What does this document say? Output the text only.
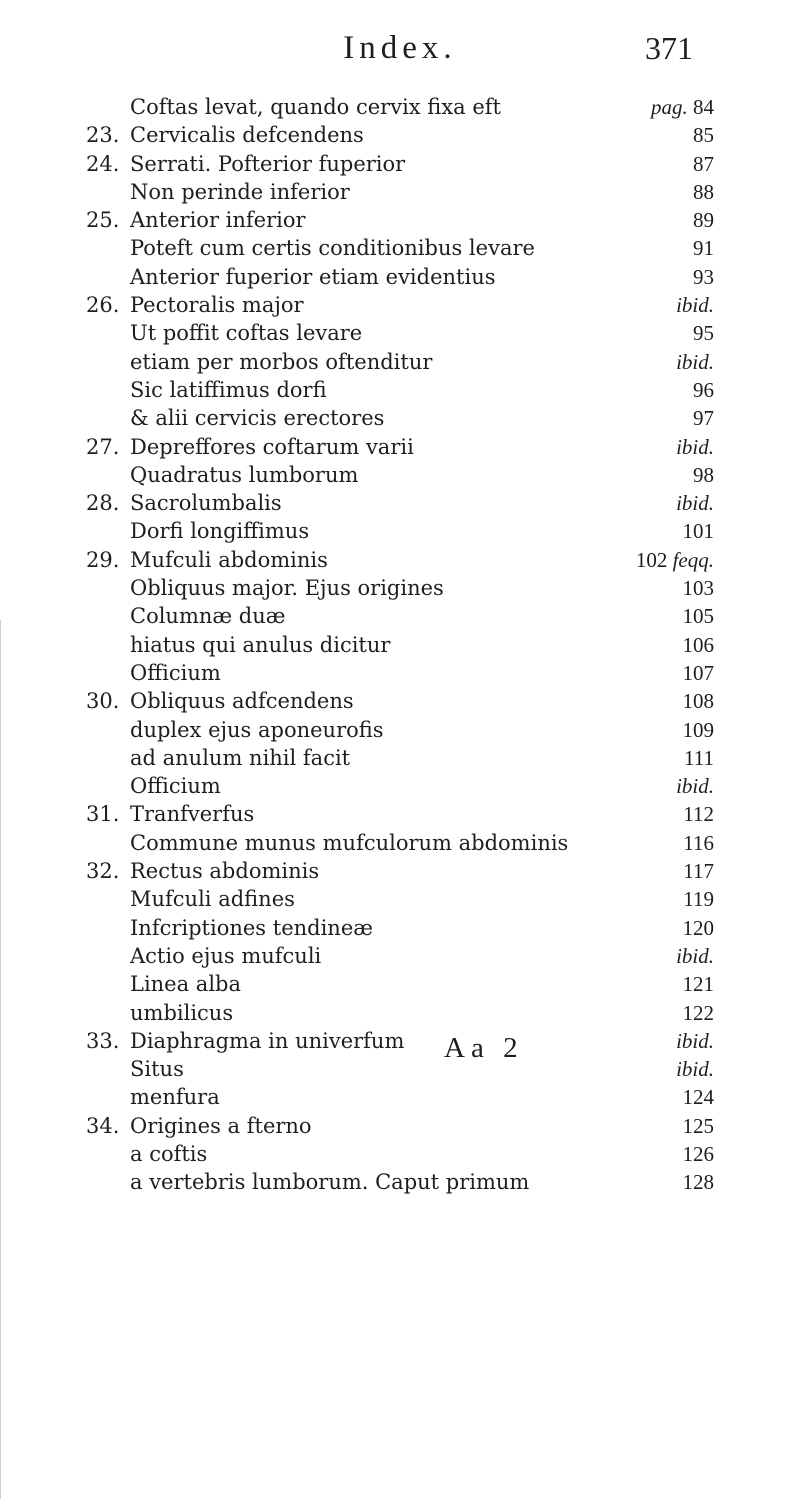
Index.	371
Coftas levat, quando cervix fixa eft	pag. 84
23. Cervicalis defcendens	85
24. Serrati. Pofterior fuperior	87
Non perinde inferior	88
25. Anterior inferior	89
Poteft cum certis conditionibus levare	91
Anterior fuperior etiam evidentius	93
26. Pectoralis major	ibid.
Ut poffit coftas levare	95
etiam per morbos oftenditur	ibid.
Sic latiffimus dorfi	96
& alii cervicis erectores	97
27. Depreffores coftarum varii	ibid.
Quadratus lumborum	98
28. Sacrolumbalis	ibid.
Dorfi longiffimus	101
29. Mufculi abdominis	102 feqq.
Obliquus major. Ejus origines	103
Columnæ duæ	105
hiatus qui anulus dicitur	106
Officium	107
30. Obliquus adfcendens	108
duplex ejus aponeurofis	109
ad anulum nihil facit	111
Officium	ibid.
31. Tranfverfus	112
Commune munus mufculorum abdominis	116
32. Rectus abdominis	117
Mufculi adfines	119
Infcriptiones tendineæ	120
Actio ejus mufculi	ibid.
Linea alba	121
umbilicus	122
33. Diaphragma in univerfum	ibid.
Situs	ibid.
menfura	124
34. Origines a fterno	125
a coftis	126
a vertebris lumborum. Caput primum	128
Aa 2
